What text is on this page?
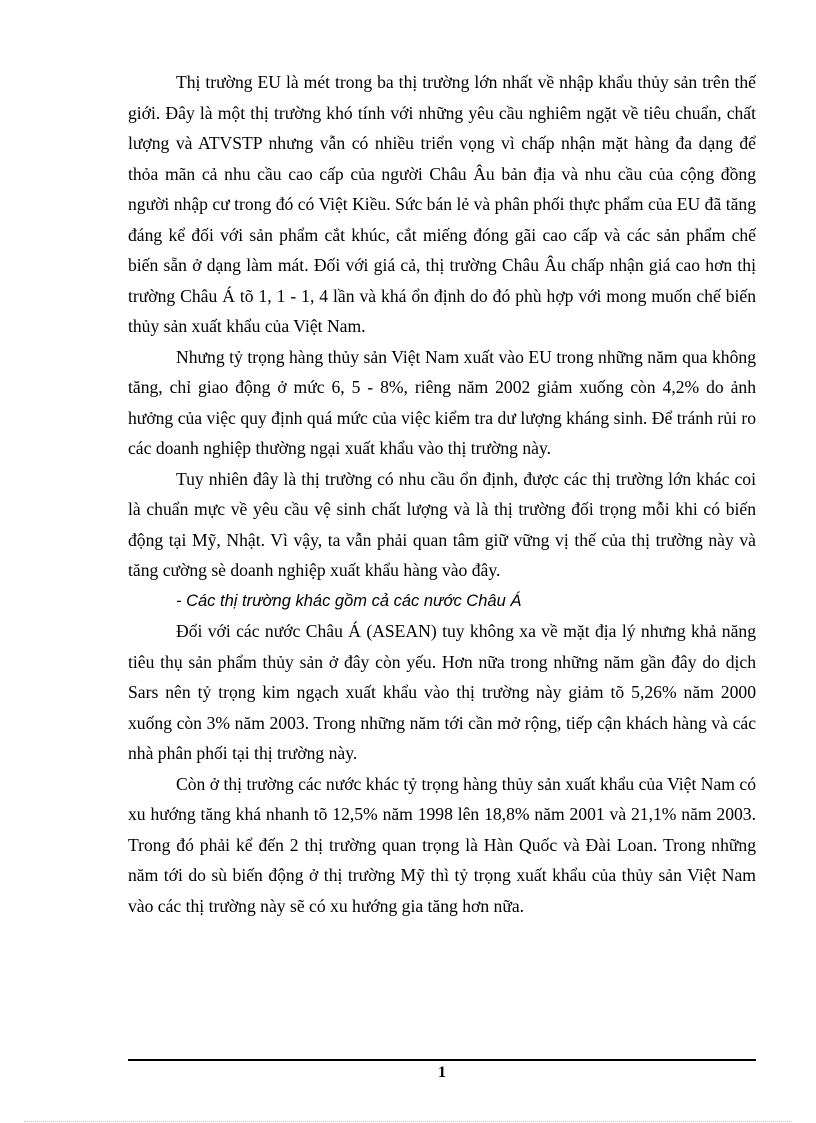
Thị trường EU là mét trong ba thị trường lớn nhất về nhập khẩu thủy sản trên thế giới. Đây là một thị trường khó tính với những yêu cầu nghiêm ngặt về tiêu chuẩn, chất lượng và ATVSTP nhưng vẫn có nhiều triển vọng vì chấp nhận mặt hàng đa dạng để thỏa mãn cả nhu cầu cao cấp của người Châu Âu bản địa và nhu cầu của cộng đồng người nhập cư trong đó có Việt Kiều. Sức bán lẻ và phân phối thực phẩm của EU đã tăng đáng kể đối với sản phẩm cắt khúc, cắt miếng đóng gãi cao cấp và các sản phẩm chế biến sẵn ở dạng làm mát. Đối với giá cả, thị trường Châu Âu chấp nhận giá cao hơn thị trường Châu Á tõ 1, 1 - 1, 4 lần và khá ổn định do đó phù hợp với mong muốn chế biến thủy sản xuất khẩu của Việt Nam.

Nhưng tỷ trọng hàng thủy sản Việt Nam xuất vào EU trong những năm qua không tăng, chỉ giao động ở mức 6, 5 - 8%, riêng năm 2002 giảm xuống còn 4,2% do ảnh hưởng của việc quy định quá mức của việc kiểm tra dư lượng kháng sinh. Để tránh rủi ro các doanh nghiệp thường ngại xuất khẩu vào thị trường này.

Tuy nhiên đây là thị trường có nhu cầu ổn định, được các thị trường lớn khác coi là chuẩn mực về yêu cầu vệ sinh chất lượng và là thị trường đối trọng mỗi khi có biến động tại Mỹ, Nhật. Vì vậy, ta vẫn phải quan tâm giữ vững vị thế của thị trường này và tăng cường sè doanh nghiệp xuất khẩu hàng vào đây.

- Các thị trường khác gồm cả các nước Châu Á

Đối với các nước Châu Á (ASEAN) tuy không xa về mặt địa lý nhưng khả năng tiêu thụ sản phẩm thủy sản ở đây còn yếu. Hơn nữa trong những năm gần đây do dịch Sars nên tỷ trọng kim ngạch xuất khẩu vào thị trường này giảm tõ 5,26% năm 2000 xuống còn 3% năm 2003. Trong những năm tới cần mở rộng, tiếp cận khách hàng và các nhà phân phối tại thị trường này.

Còn ở thị trường các nước khác tỷ trọng hàng thủy sản xuất khẩu của Việt Nam có xu hướng tăng khá nhanh tõ 12,5% năm 1998 lên 18,8% năm 2001 và 21,1% năm 2003. Trong đó phải kể đến 2 thị trường quan trọng là Hàn Quốc và Đài Loan. Trong những năm tới do sù biến động ở thị trường Mỹ thì tỷ trọng xuất khẩu của thủy sản Việt Nam vào các thị trường này sẽ có xu hướng gia tăng hơn nữa.

1
